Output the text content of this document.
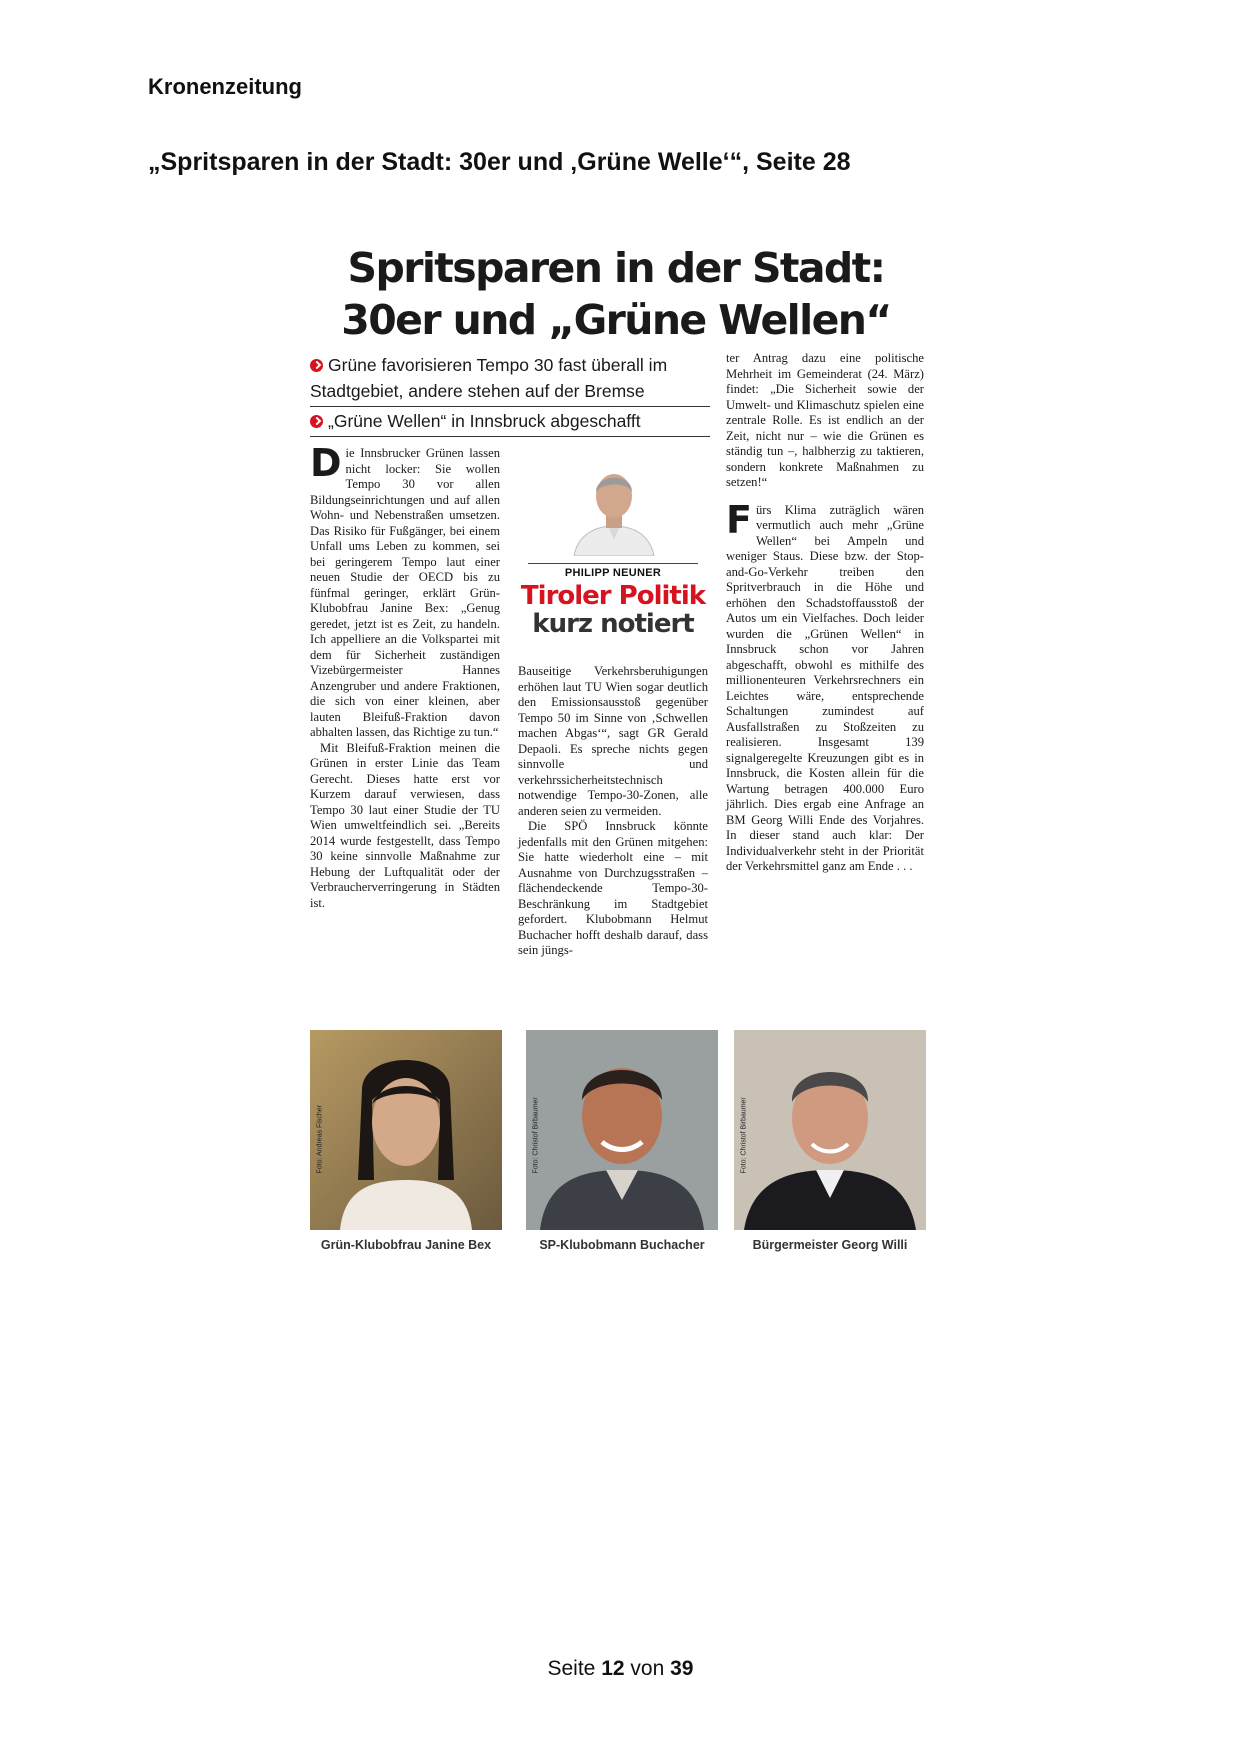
Kronenzeitung
„Spritsparen in der Stadt: 30er und ‚Grüne Welle‘“, Seite 28
Spritsparen in der Stadt:
30er und „Grüne Wellen“
Grüne favorisieren Tempo 30 fast überall im
Stadtgebiet, andere stehen auf der Bremse
„Grüne Wellen“ in Innsbruck abgeschafft

Die Innsbrucker Grünen lassen nicht locker: Sie wollen Tempo 30 vor allen Bildungseinrichtungen und auf allen Wohn- und Nebenstraßen umsetzen. Das Risiko für Fußgänger, bei einem Unfall ums Leben zu kommen, sei bei geringerem Tempo laut einer neuen Studie der OECD bis zu fünfmal geringer, erklärt Grün-Klubobfrau Janine Bex: „Genug geredet, jetzt ist es Zeit, zu handeln. Ich appelliere an die Volkspartei mit dem für Sicherheit zuständigen Vizebürgermeister Hannes Anzengruber und andere Fraktionen, die sich von einer kleinen, aber lauten Bleifuß-Fraktion davon abhalten lassen, das Richtige zu tun.“

Mit Bleifuß-Fraktion meinen die Grünen in erster Linie das Team Gerecht. Dieses hatte erst vor Kurzem darauf verwiesen, dass Tempo 30 laut einer Studie der TU Wien umweltfeindlich sei. „Bereits 2014 wurde festgestellt, dass Tempo 30 keine sinnvolle Maßnahme zur Hebung der Luftqualität oder der Verbraucherverringerung in Städten ist.

PHILIPP NEUNER
Tiroler Politik
kurz notiert

Bauseitige Verkehrsberuhigungen erhöhen laut TU Wien sogar deutlich den Emissionsausstoß gegenüber Tempo 50 im Sinne von ‚Schwellen machen Abgas‘“, sagt GR Gerald Depaoli. Es spreche nichts gegen sinnvolle und verkehrssicherheitstechnisch notwendige Tempo-30-Zonen, alle anderen seien zu vermeiden.

Die SPÖ Innsbruck könnte jedenfalls mit den Grünen mitgehen: Sie hatte wiederholt eine – mit Ausnahme von Durchzugsstraßen – flächendeckende Tempo-30-Beschränkung im Stadtgebiet gefordert. Klubobmann Helmut Buchacher hofft deshalb darauf, dass sein jüngs-

ter Antrag dazu eine politische Mehrheit im Gemeinderat (24. März) findet: „Die Sicherheit sowie der Umwelt- und Klimaschutz spielen eine zentrale Rolle. Es ist endlich an der Zeit, nicht nur – wie die Grünen es ständig tun –, halbherzig zu taktieren, sondern konkrete Maßnahmen zu setzen!“

Fürs Klima zuträglich wären vermutlich auch mehr „Grüne Wellen“ bei Ampeln und weniger Staus. Diese bzw. der Stop-and-Go-Verkehr treiben den Spritverbrauch in die Höhe und erhöhen den Schadstoffausstoß der Autos um ein Vielfaches. Doch leider wurden die „Grünen Wellen“ in Innsbruck schon vor Jahren abgeschafft, obwohl es mithilfe des millionenteuren Verkehrsrechners ein Leichtes wäre, entsprechende Schaltungen zumindest auf Ausfallstraßen zu Stoßzeiten zu realisieren. Insgesamt 139 signalgeregelte Kreuzungen gibt es in Innsbruck, die Kosten allein für die Wartung betragen 400.000 Euro jährlich. Dies ergab eine Anfrage an BM Georg Willi Ende des Vorjahres. In dieser stand auch klar: Der Individualverkehr steht in der Priorität der Verkehrsmittel ganz am Ende . . .

Foto: Andreas Fischer	Foto: Christof Birbaumer	Foto: Christof Birbaumer
Grün-Klubobfrau Janine Bex	SP-Klubobmann Buchacher	Bürgermeister Georg Willi
Seite 12 von 39
